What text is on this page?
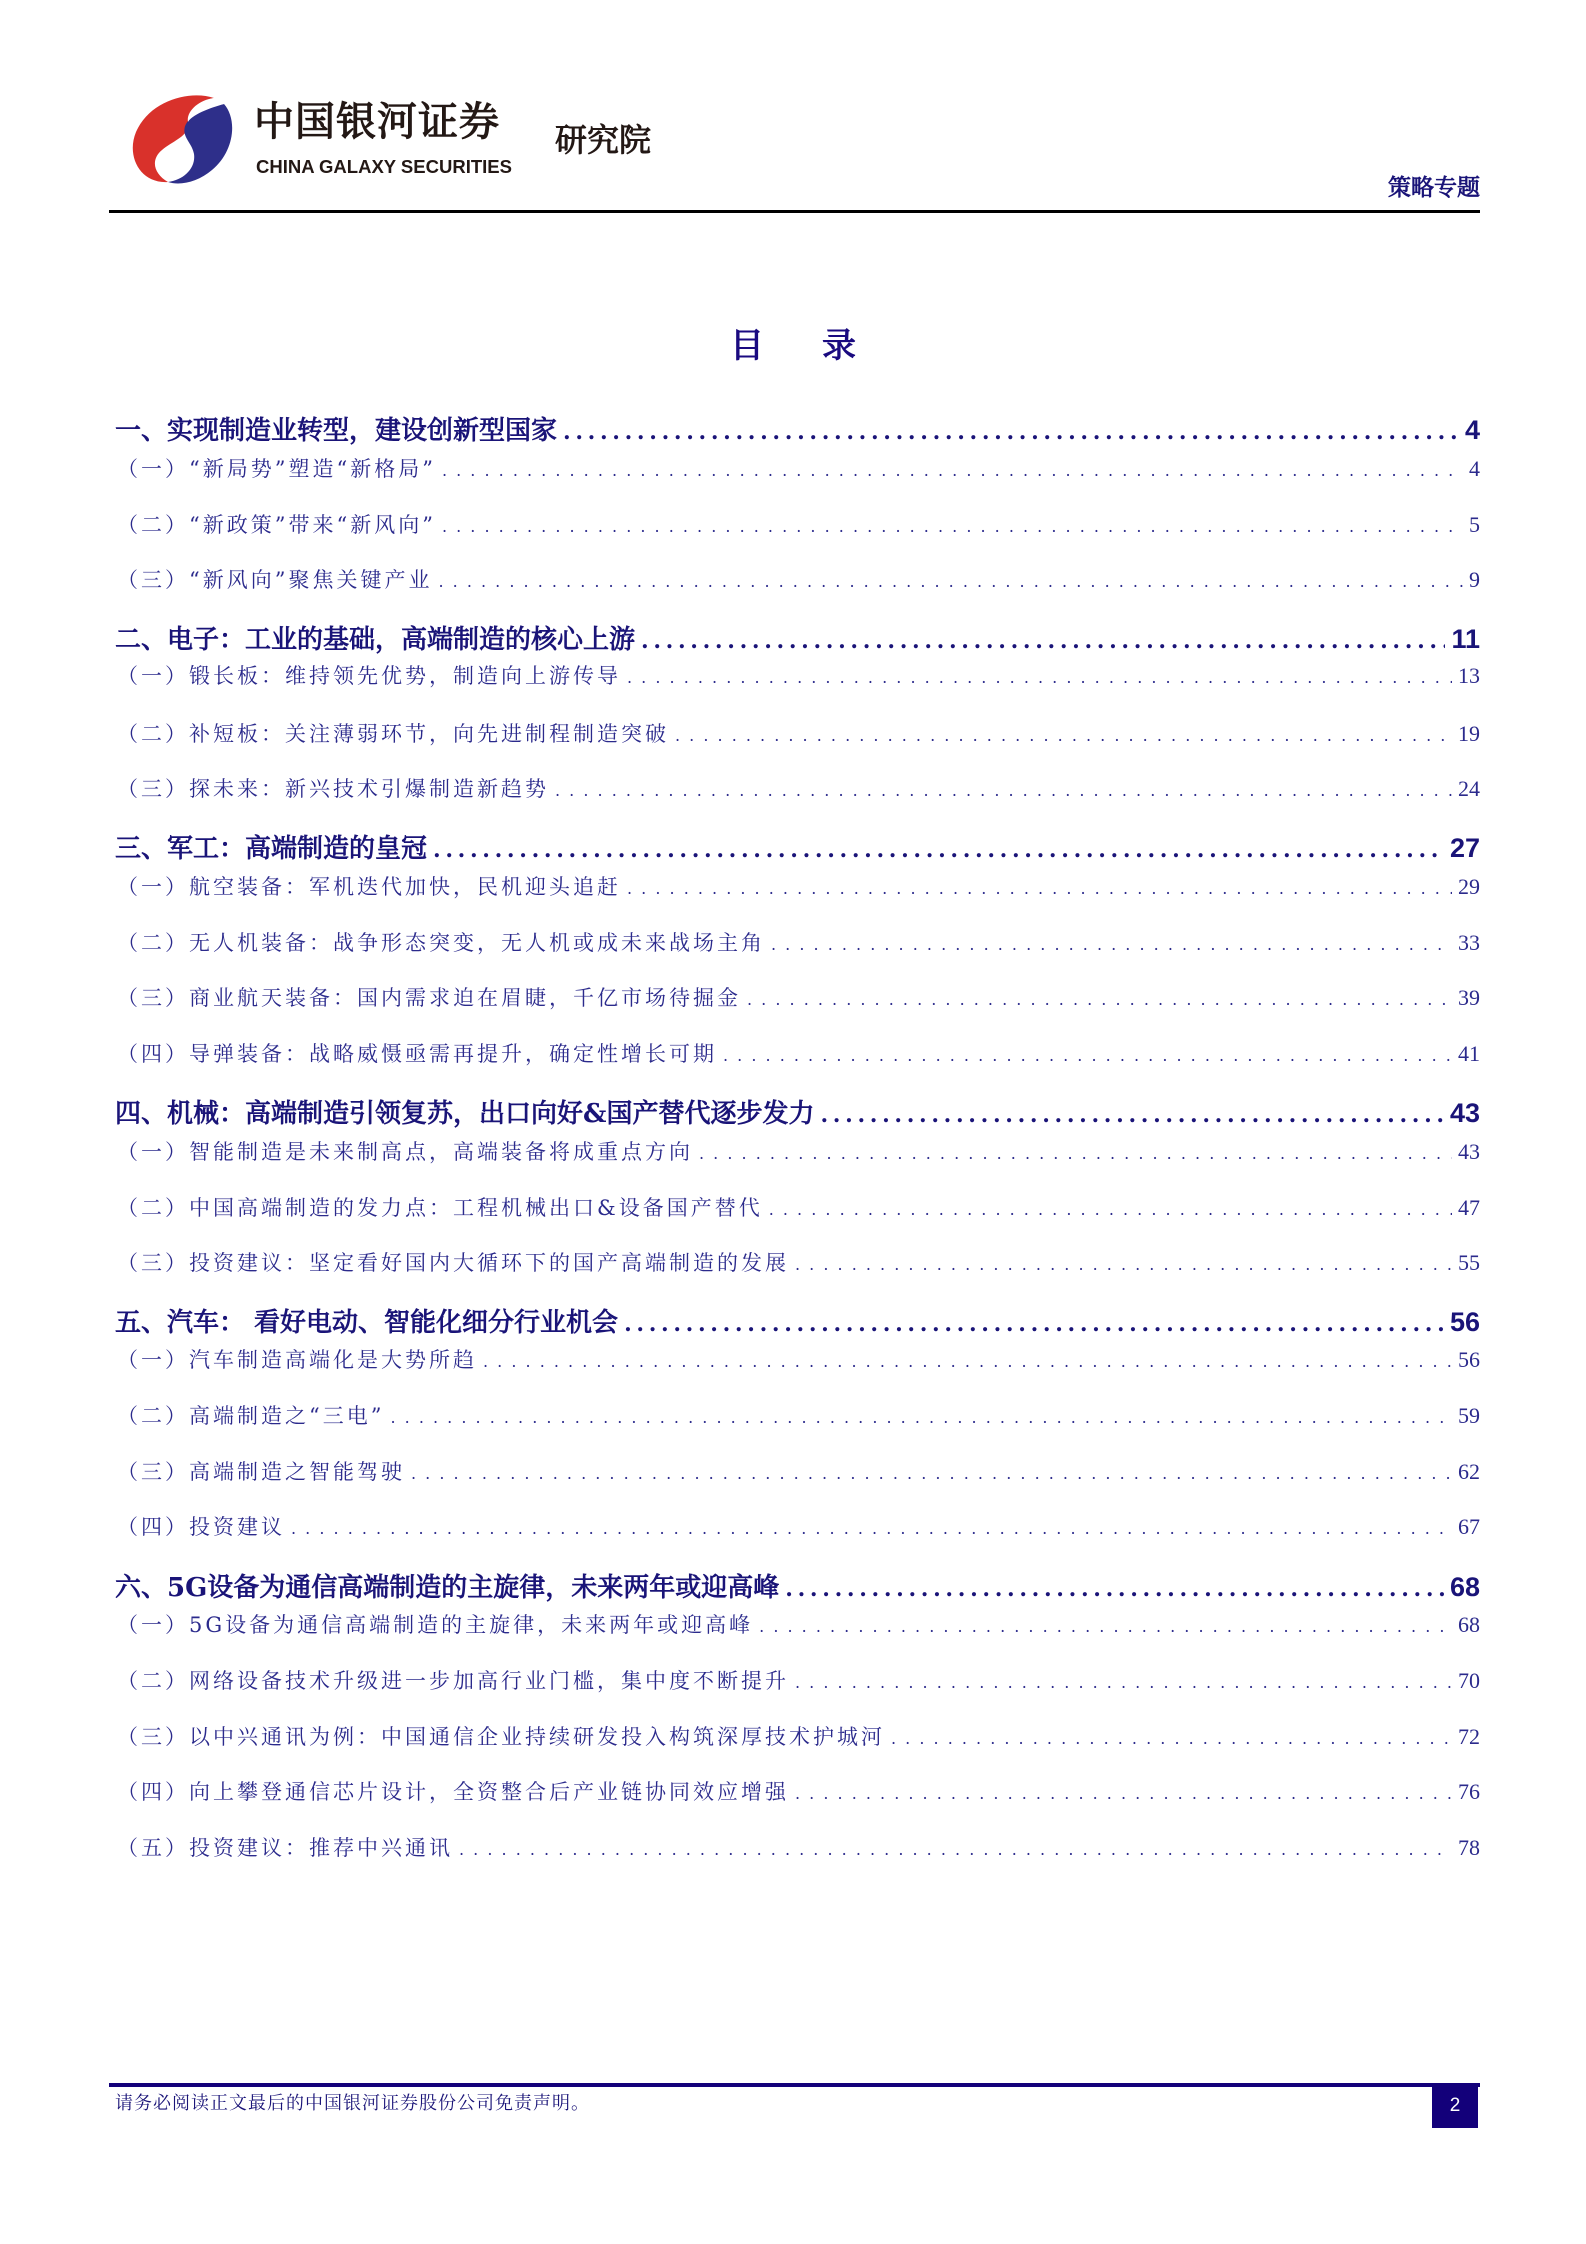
中国银河证券
CHINA GALAXY SECURITIES
研究院
策略专题
目 录
一、实现制造业转型，建设创新型国家 . . .	4
（一）“新局势”塑造“新格局” . . .	4
（二）“新政策”带来“新风向” . . .	5
（三）“新风向”聚焦关键产业 . . .	9
二、电子：工业的基础，高端制造的核心上游 . . .	11
（一）锻长板：维持领先优势，制造向上游传导 . . .	13
（二）补短板：关注薄弱环节，向先进制程制造突破 . . .	19
（三）探未来：新兴技术引爆制造新趋势 . . .	24
三、军工：高端制造的皇冠 . . .	27
（一）航空装备：军机迭代加快，民机迎头追赶 . . .	29
（二）无人机装备：战争形态突变，无人机或成未来战场主角 . . .	33
（三）商业航天装备：国内需求迫在眉睫，千亿市场待掘金 . . .	39
（四）导弹装备：战略威慑亟需再提升，确定性增长可期 . . .	41
四、机械：高端制造引领复苏，出口向好&国产替代逐步发力 . . .	43
（一）智能制造是未来制高点，高端装备将成重点方向 . . .	43
（二）中国高端制造的发力点：工程机械出口&设备国产替代 . . .	47
（三）投资建议：坚定看好国内大循环下的国产高端制造的发展 . . .	55
五、汽车： 看好电动、智能化细分行业机会 . . .	56
（一）汽车制造高端化是大势所趋 . . .	56
（二）高端制造之“三电” . . .	59
（三）高端制造之智能驾驶 . . .	62
（四）投资建议 . . .	67
六、5G设备为通信高端制造的主旋律，未来两年或迎高峰 . . .	68
（一）5G设备为通信高端制造的主旋律，未来两年或迎高峰 . . .	68
（二）网络设备技术升级进一步加高行业门槛，集中度不断提升 . . .	70
（三）以中兴通讯为例：中国通信企业持续研发投入构筑深厚技术护城河 . . .	72
（四）向上攀登通信芯片设计，全资整合后产业链协同效应增强 . . .	76
（五）投资建议：推荐中兴通讯 . . .	78
请务必阅读正文最后的中国银河证券股份公司免责声明。	2
